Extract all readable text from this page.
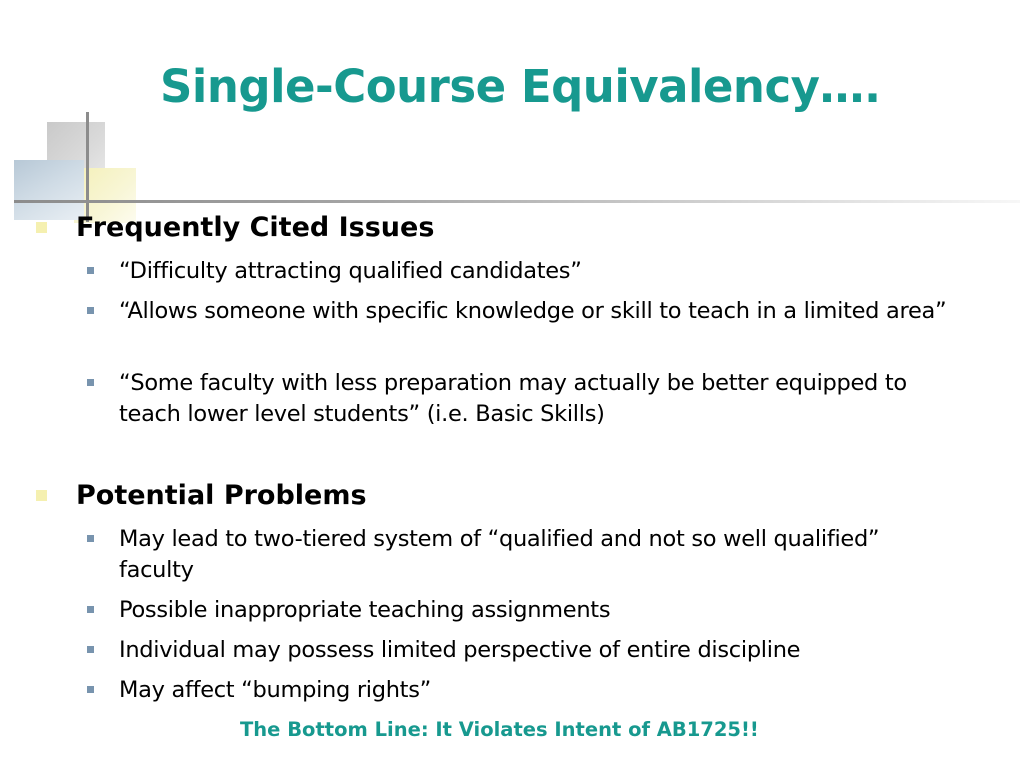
Single-Course Equivalency….
Frequently Cited Issues
“Difficulty attracting qualified candidates”
“Allows someone with specific knowledge or skill to teach in a limited area”
“Some faculty with less preparation may actually be better equipped to teach lower level students” (i.e. Basic Skills)
Potential Problems
May lead to two-tiered system of “qualified and not so well qualified” faculty
Possible inappropriate teaching assignments
Individual may possess limited perspective of entire discipline
May affect “bumping rights”
The Bottom Line: It Violates Intent of AB1725!!
